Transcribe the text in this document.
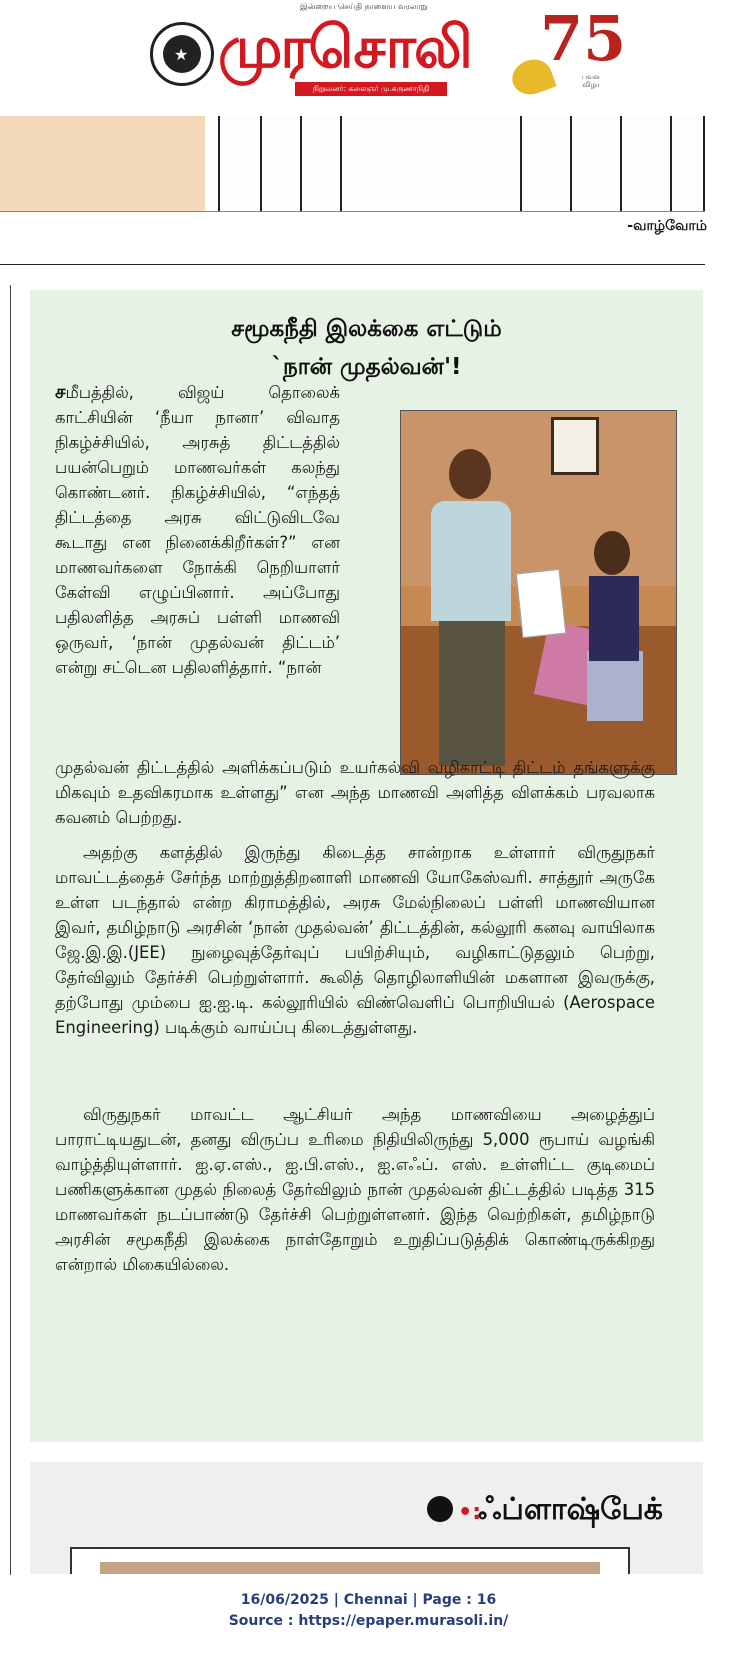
இன்றைய செய்தி நாளைய வரலாறு
★ முரசொலி
நிறுவனர்: கலைஞர் மு.கருணாநிதி
75
பவள விழா
-வாழ்வோம்
சமூகநீதி இலக்கை எட்டும்
`நான் முதல்வன்'!
சமீபத்தில், விஜய் தொலைக் காட்சியின் ‘நீயா நானா’ விவாத நிகழ்ச்சியில், அரசுத் திட்டத்தில் பயன்பெறும் மாணவர்கள் கலந்து கொண்டனர். நிகழ்ச்சியில், “எந்தத் திட்டத்தை அரசு விட்டுவிடவே கூடாது என நினைக்கிறீர்கள்?” என மாணவர்களை நோக்கி நெறியாளர் கேள்வி எழுப்பினார். அப்போது பதிலளித்த அரசுப் பள்ளி மாணவி ஒருவர், ‘நான் முதல்வன் திட்டம்’ என்று சட்டென பதிலளித்தார். “நான்
முதல்வன் திட்டத்தில் அளிக்கப்படும் உயர்கல்வி வழிகாட்டி திட்டம் தங்களுக்கு மிகவும் உதவிகரமாக உள்ளது” என அந்த மாணவி அளித்த விளக்கம் பரவலாக கவனம் பெற்றது.
அதற்கு களத்தில் இருந்து கிடைத்த சான்றாக உள்ளார் விருதுநகர் மாவட்டத்தைச் சேர்ந்த மாற்றுத்திறனாளி மாணவி யோகேஸ்வரி. சாத்தூர் அருகே உள்ள படந்தால் என்ற கிராமத்தில், அரசு மேல்நிலைப் பள்ளி மாணவியான இவர், தமிழ்நாடு அரசின் ‘நான் முதல்வன்’ திட்டத்தின், கல்லூரி கனவு வாயிலாக ஜே.இ.இ.(JEE) நுழைவுத்தேர்வுப் பயிற்சியும், வழிகாட்டுதலும் பெற்று, தேர்விலும் தேர்ச்சி பெற்றுள்ளார். கூலித் தொழிலாளியின் மகளான இவருக்கு, தற்போது மும்பை ஐ.ஐ.டி. கல்லூரியில் விண்வெளிப் பொறியியல் (Aerospace Engineering) படிக்கும் வாய்ப்பு கிடைத்துள்ளது.
விருதுநகர் மாவட்ட ஆட்சியர் அந்த மாணவியை அழைத்துப் பாராட்டியதுடன், தனது விருப்ப உரிமை நிதியிலிருந்து 5,000 ரூபாய் வழங்கி வாழ்த்தியுள்ளார். ஐ.ஏ.எஸ்., ஐ.பி.எஸ்., ஐ.எஃப். எஸ். உள்ளிட்ட குடிமைப் பணிகளுக்கான முதல் நிலைத் தேர்விலும் நான் முதல்வன் திட்டத்தில் படித்த 315 மாணவர்கள் நடப்பாண்டு தேர்ச்சி பெற்றுள்ளனர். இந்த வெற்றிகள், தமிழ்நாடு அரசின் சமூகநீதி இலக்கை நாள்தோறும் உறுதிப்படுத்திக் கொண்டிருக்கிறது என்றால் மிகையில்லை.
•:
ஃப்ளாஷ்பேக்
16/06/2025 | Chennai | Page : 16
Source : https://epaper.murasoli.in/
